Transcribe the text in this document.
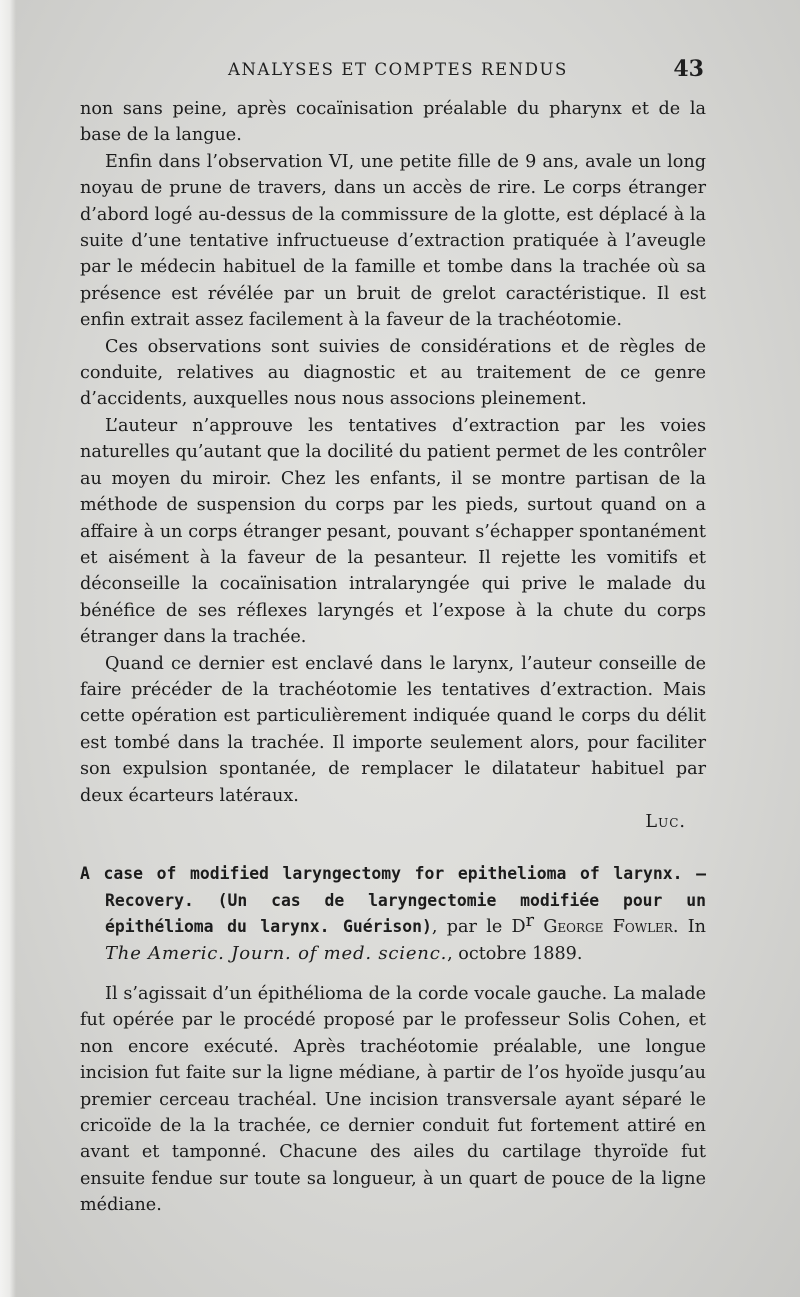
ANALYSES ET COMPTES RENDUS	43

non sans peine, après cocaïnisation préalable du pharynx et de la base de la langue.

Enfin dans l’observation VI, une petite fille de 9 ans, avale un long noyau de prune de travers, dans un accès de rire. Le corps étranger d’abord logé au-dessus de la commissure de la glotte, est déplacé à la suite d’une tentative infructueuse d’extraction pratiquée à l’aveugle par le médecin habituel de la famille et tombe dans la trachée où sa présence est révélée par un bruit de grelot caractéristique. Il est enfin extrait assez facilement à la faveur de la trachéotomie.

Ces observations sont suivies de considérations et de règles de conduite, relatives au diagnostic et au traitement de ce genre d’accidents, auxquelles nous nous associons pleinement.

L’auteur n’approuve les tentatives d’extraction par les voies naturelles qu’autant que la docilité du patient permet de les contrôler au moyen du miroir. Chez les enfants, il se montre partisan de la méthode de suspension du corps par les pieds, surtout quand on a affaire à un corps étranger pesant, pouvant s’échapper spontanément et aisément à la faveur de la pesanteur. Il rejette les vomitifs et déconseille la cocaïnisation intralaryngée qui prive le malade du bénéfice de ses réflexes laryngés et l’expose à la chute du corps étranger dans la trachée.

Quand ce dernier est enclavé dans le larynx, l’auteur conseille de faire précéder de la trachéotomie les tentatives d’extraction. Mais cette opération est particulièrement indiquée quand le corps du délit est tombé dans la trachée. Il importe seulement alors, pour faciliter son expulsion spontanée, de remplacer le dilatateur habituel par deux écarteurs latéraux.

Luc.

A case of modified laryngectomy for epithelioma of larynx. — Recovery. (Un cas de laryngectomie modifiée pour un épithélioma du larynx. Guérison), par le $D^r$ George Fowler. In The Americ. Journ. of med. scienc., octobre 1889.

Il s’agissait d’un épithélioma de la corde vocale gauche. La malade fut opérée par le procédé proposé par le professeur Solis Cohen, et non encore exécuté. Après trachéotomie préalable, une longue incision fut faite sur la ligne médiane, à partir de l’os hyoïde jusqu’au premier cerceau trachéal. Une incision transversale ayant séparé le cricoïde de la la trachée, ce dernier conduit fut fortement attiré en avant et tamponné. Chacune des ailes du cartilage thyroïde fut ensuite fendue sur toute sa longueur, à un quart de pouce de la ligne médiane.
